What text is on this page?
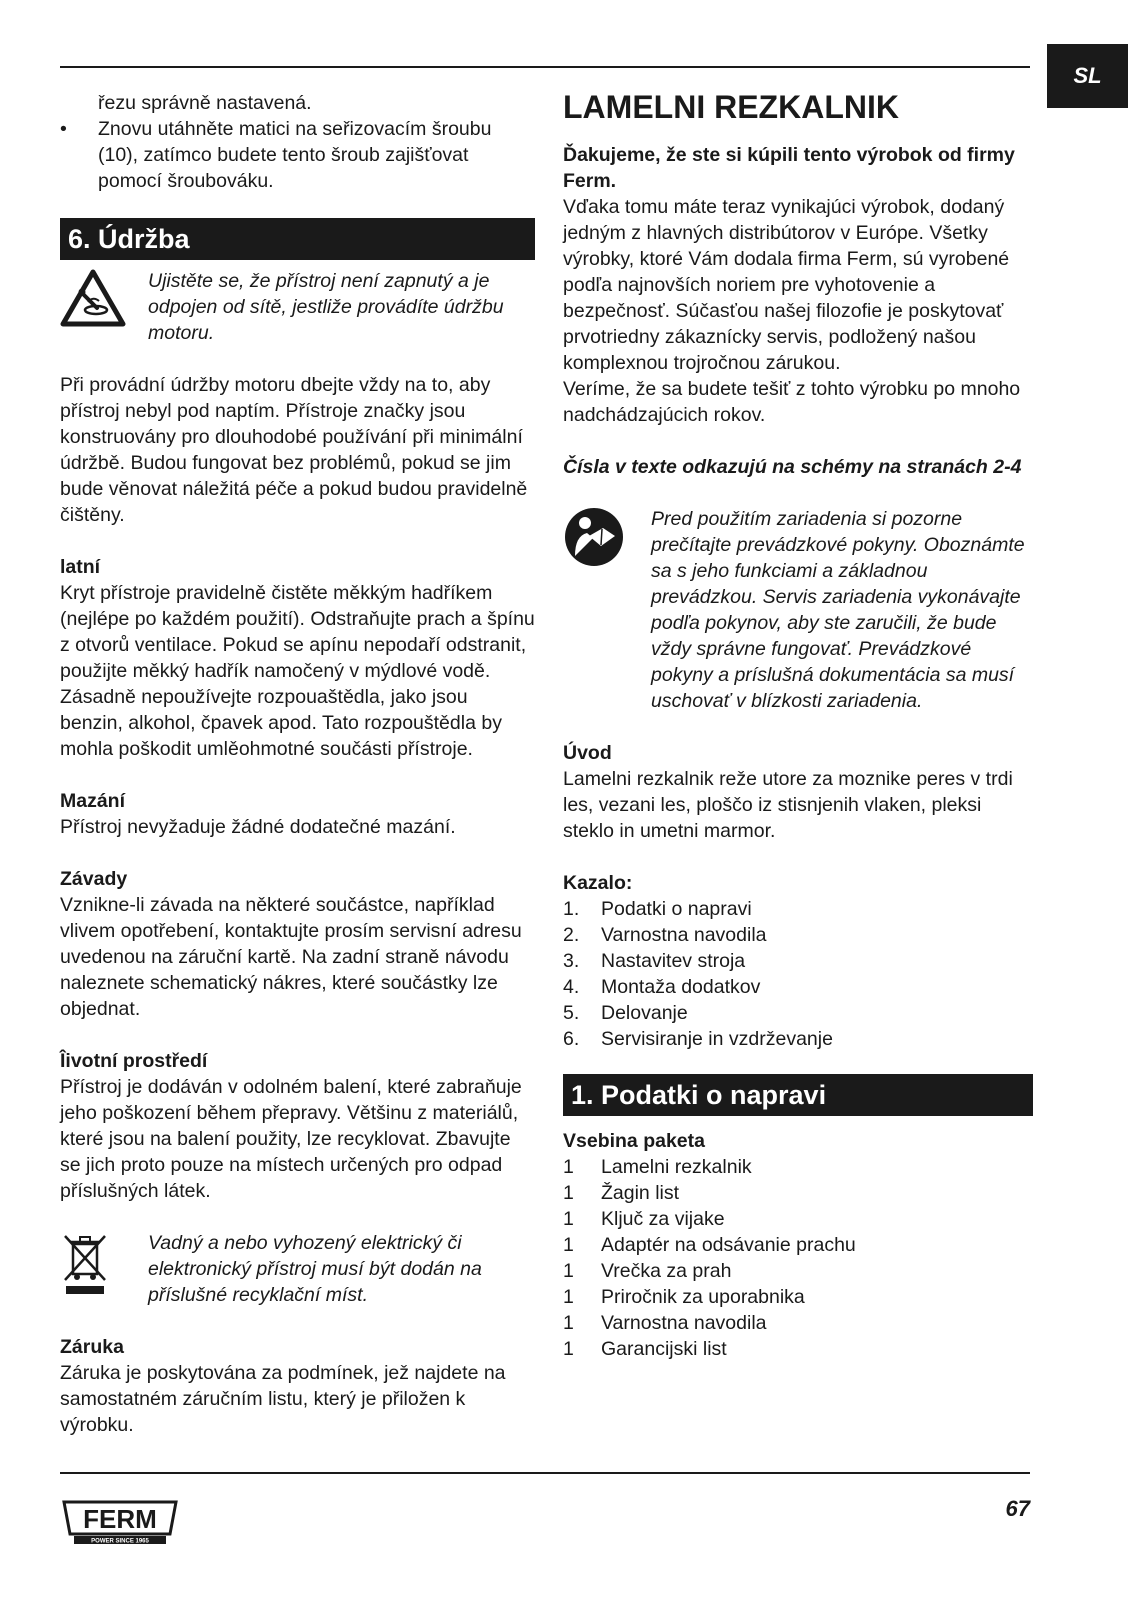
SL

řezu správně nastavená.

•	Znovu utáhněte matici na seřizovacím šroubu (10), zatímco budete tento šroub zajišťovat pomocí šroubováku.
6. Údržba
Ujistěte se, že přístroj není zapnutý a je odpojen od sítě, jestliže provádíte údržbu motoru.

Při provádní údržby motoru dbejte vždy na to, aby přístroj nebyl pod naptím. Přístroje značky jsou konstruovány pro dlouhodobé používání při minimální údržbě. Budou fungovat bez problémů, pokud se jim bude věnovat náležitá péče a pokud budou pravidelně čištěny.

latní

Kryt přístroje pravidelně čistěte měkkým hadříkem (nejlépe po každém použití). Odstraňujte prach a špínu z otvorů ventilace. Pokud se apínu nepodaří odstranit, použijte měkký hadřík namočený v mýdlové vodě. Zásadně nepoužívejte rozpouaštědla, jako jsou benzin, alkohol, čpavek apod. Tato rozpouštědla by mohla poškodit umlěohmotné součásti přístroje.

Mazání

Přístroj nevyžaduje žádné dodatečné mazání.

Závady

Vznikne-li závada na některé součástce, například vlivem opotřebení, kontaktujte prosím servisní adresu uvedenou na záruční kartě. Na zadní straně návodu naleznete schematický nákres, které součástky lze objednat.

Îivotní prostředí

Přístroj je dodáván v odolném balení, které zabraňuje jeho poškození během přepravy. Většinu z materiálů, které jsou na balení použity, lze recyklovat. Zbavujte se jich proto pouze na místech určených pro odpad příslušných látek.

Vadný a nebo vyhozený elektrický či elektronický přístroj musí být dodán na příslušné recyklační míst.

Záruka

Záruka je poskytována za podmínek, jež najdete na samostatném záručním listu, který je přiložen k výrobku.

LAMELNI REZKALNIK

Ďakujeme, že ste si kúpili tento výrobok od firmy Ferm.

Vďaka tomu máte teraz vynikajúci výrobok, dodaný jedným z hlavných distribútorov v Európe. Všetky výrobky, ktoré Vám dodala firma Ferm, sú vyrobené podľa najnovších noriem pre vyhotovenie a bezpečnosť. Súčasťou našej filozofie je poskytovať prvotriedny zákaznícky servis, podložený našou komplexnou trojročnou zárukou.

Veríme, že sa budete tešiť z tohto výrobku po mnoho nadchádzajúcich rokov.

Čísla v texte odkazujú na schémy na stranách 2-4

Pred použitím zariadenia si pozorne prečítajte prevádzkové pokyny. Oboznámte sa s jeho funkciami a základnou prevádzkou. Servis zariadenia vykonávajte podľa pokynov, aby ste zaručili, že bude vždy správne fungovať. Prevádzkové pokyny a príslušná dokumentácia sa musí uschovať v blízkosti zariadenia.

Úvod

Lamelni rezkalnik reže utore za moznike peres v trdi les, vezani les, ploščo iz stisnjenih vlaken, pleksi steklo in umetni marmor.

Kazalo:

1.	Podatki o napravi
2.	Varnostna navodila
3.	Nastavitev stroja
4.	Montaža dodatkov
5.	Delovanje
6.	Servisiranje in vzdrževanje
1. Podatki o napravi

Vsebina paketa

1	Lamelni rezkalnik
1	Žagin list
1	Ključ za vijake
1	Adaptér na odsávanie prachu
1	Vrečka za prah
1	Priročnik za uporabnika
1	Varnostna navodila
1	Garancijski list
FERM
POWER SINCE 1965
67
